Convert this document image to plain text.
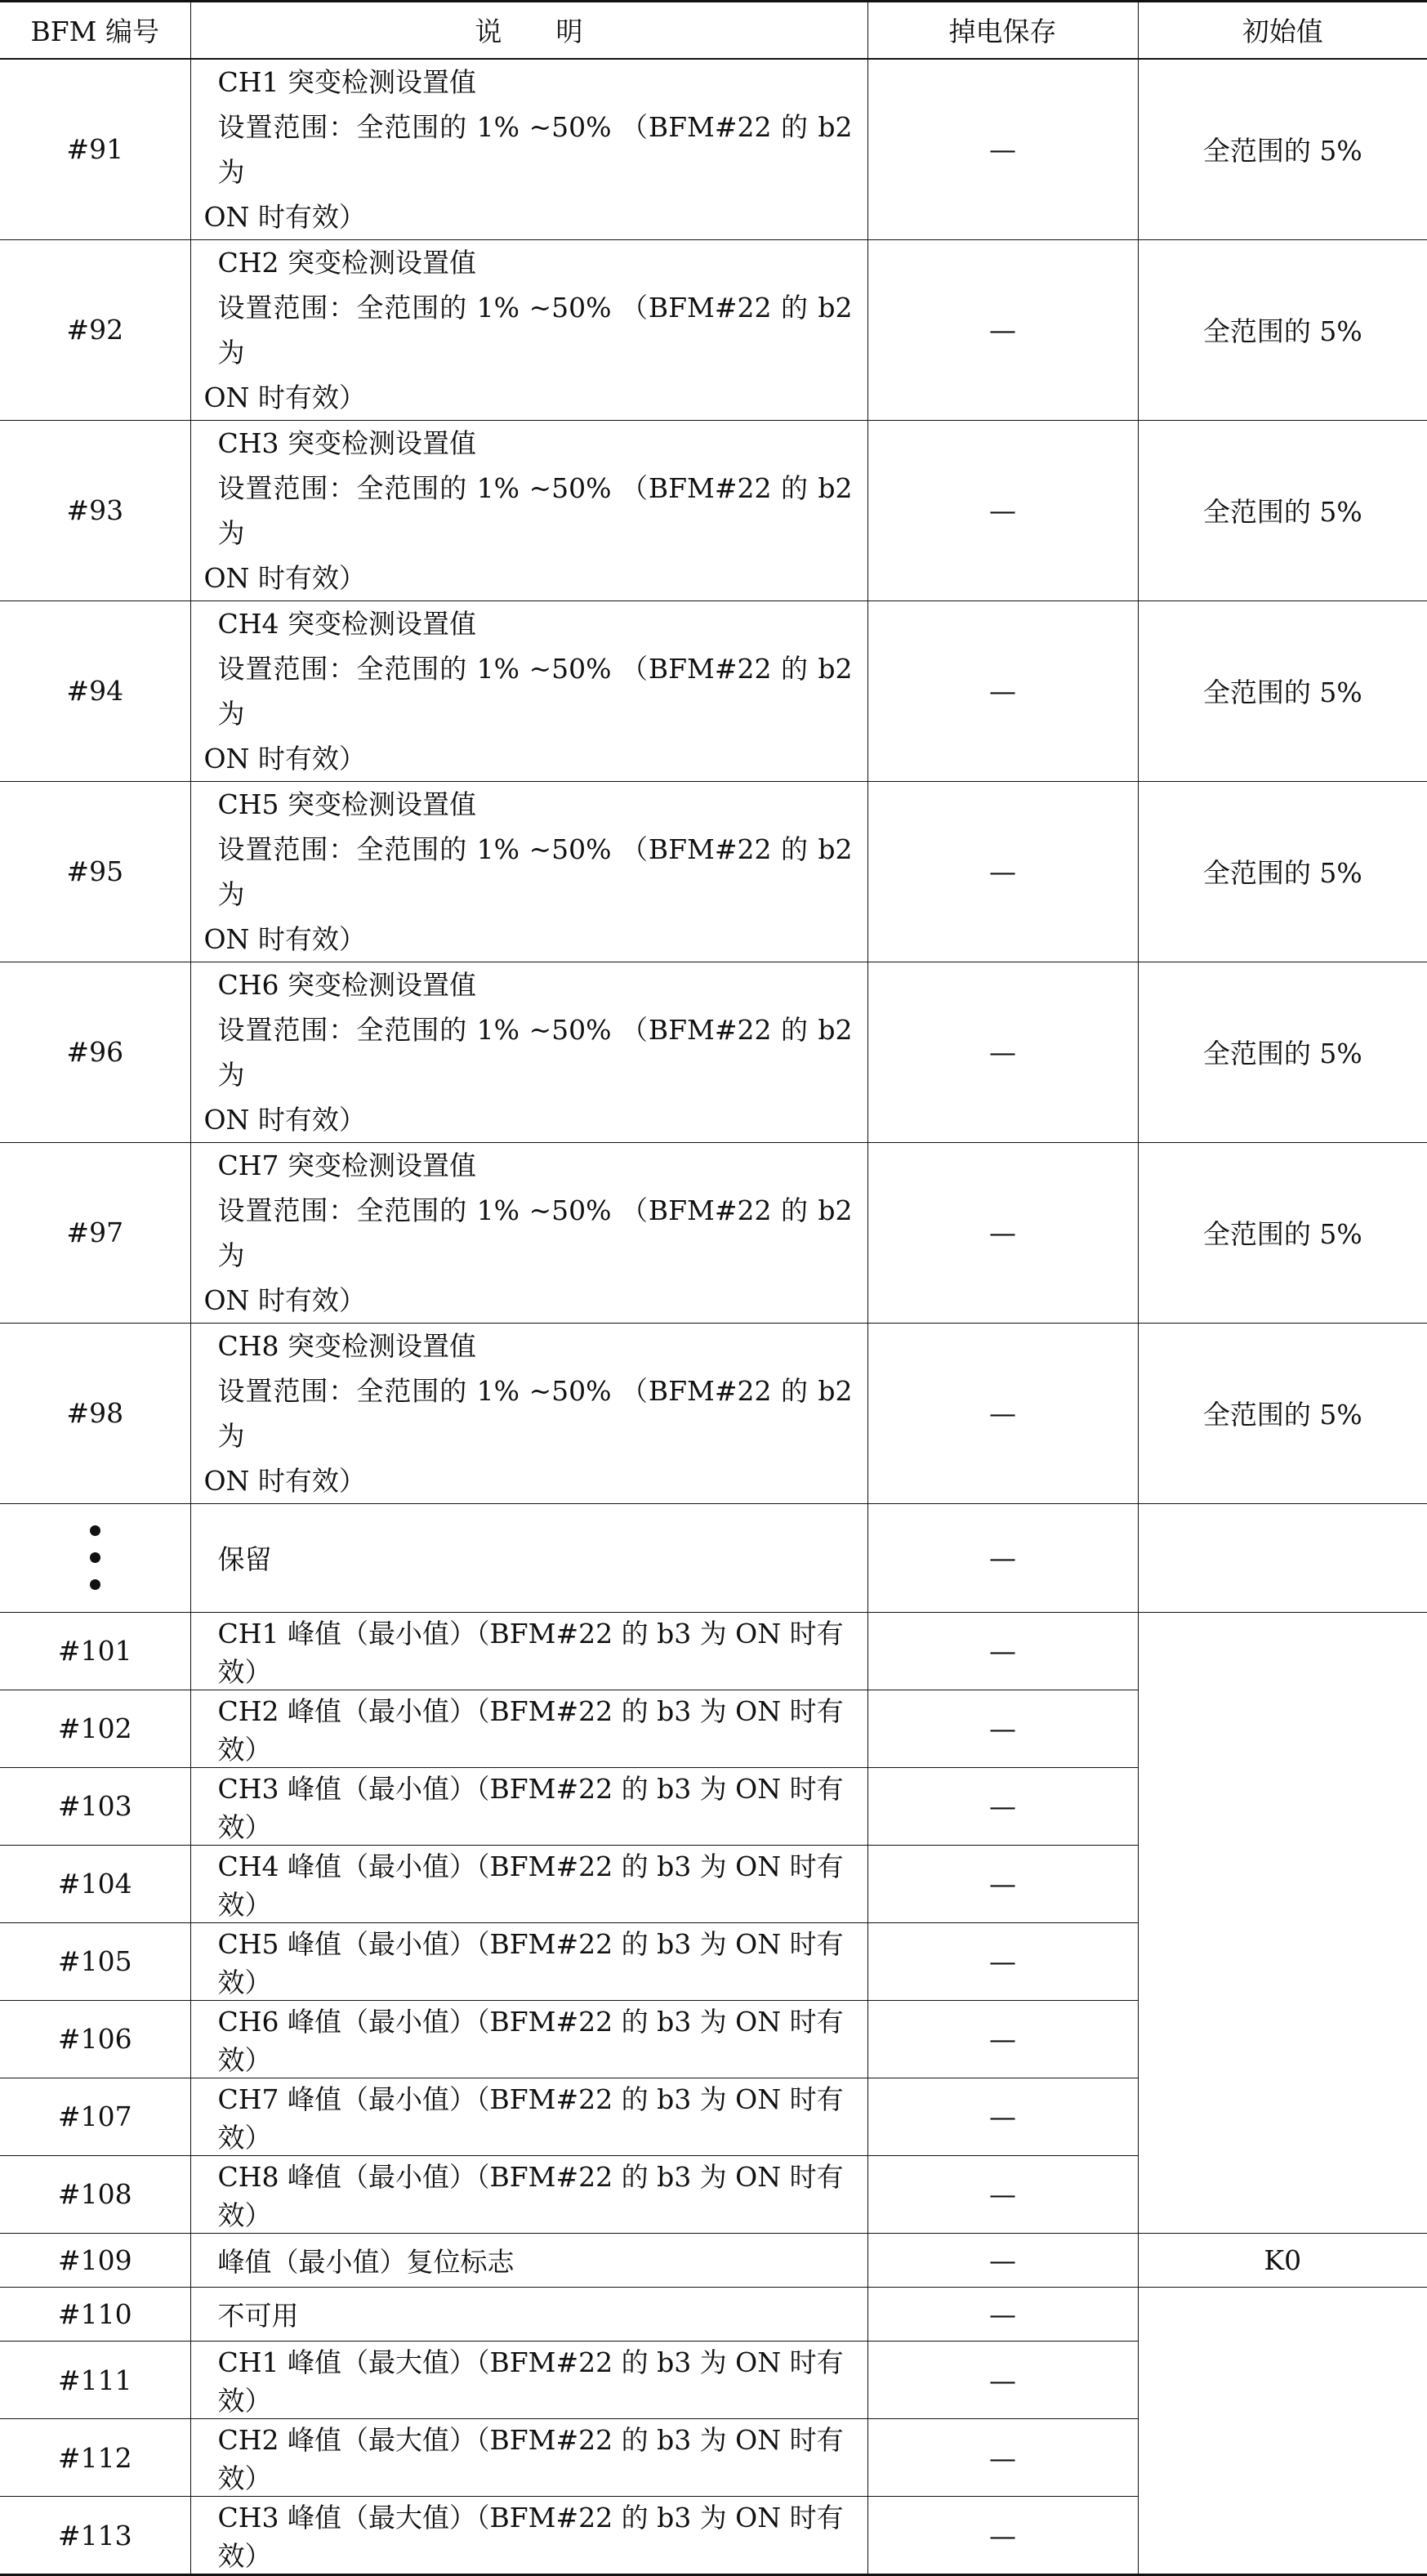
BFM 编号	说　　明	掉电保存	初始值
#91	CH1 突变检测设置值
设置范围：全范围的 1% ~50% （BFM#22 的 b2 为
ON 时有效）	—	全范围的 5%
#92	CH2 突变检测设置值
设置范围：全范围的 1% ~50% （BFM#22 的 b2 为
ON 时有效）	—	全范围的 5%
#93	CH3 突变检测设置值
设置范围：全范围的 1% ~50% （BFM#22 的 b2 为
ON 时有效）	—	全范围的 5%
#94	CH4 突变检测设置值
设置范围：全范围的 1% ~50% （BFM#22 的 b2 为
ON 时有效）	—	全范围的 5%
#95	CH5 突变检测设置值
设置范围：全范围的 1% ~50% （BFM#22 的 b2 为
ON 时有效）	—	全范围的 5%
#96	CH6 突变检测设置值
设置范围：全范围的 1% ~50% （BFM#22 的 b2 为
ON 时有效）	—	全范围的 5%
#97	CH7 突变检测设置值
设置范围：全范围的 1% ~50% （BFM#22 的 b2 为
ON 时有效）	—	全范围的 5%
#98	CH8 突变检测设置值
设置范围：全范围的 1% ~50% （BFM#22 的 b2 为
ON 时有效）	—	全范围的 5%

	保留	—	
#101	CH1 峰值（最小值）（BFM#22 的 b3 为 ON 时有效）	—	
#102	CH2 峰值（最小值）（BFM#22 的 b3 为 ON 时有效）	—	
#103	CH3 峰值（最小值）（BFM#22 的 b3 为 ON 时有效）	—	
#104	CH4 峰值（最小值）（BFM#22 的 b3 为 ON 时有效）	—	
#105	CH5 峰值（最小值）（BFM#22 的 b3 为 ON 时有效）	—	
#106	CH6 峰值（最小值）（BFM#22 的 b3 为 ON 时有效）	—	
#107	CH7 峰值（最小值）（BFM#22 的 b3 为 ON 时有效）	—	
#108	CH8 峰值（最小值）（BFM#22 的 b3 为 ON 时有效）	—	
#109	峰值（最小值）复位标志	—	K0
#110	不可用	—	
#111	CH1 峰值（最大值）（BFM#22 的 b3 为 ON 时有效）	—	
#112	CH2 峰值（最大值）（BFM#22 的 b3 为 ON 时有效）	—	
#113	CH3 峰值（最大值）（BFM#22 的 b3 为 ON 时有效）	—	
